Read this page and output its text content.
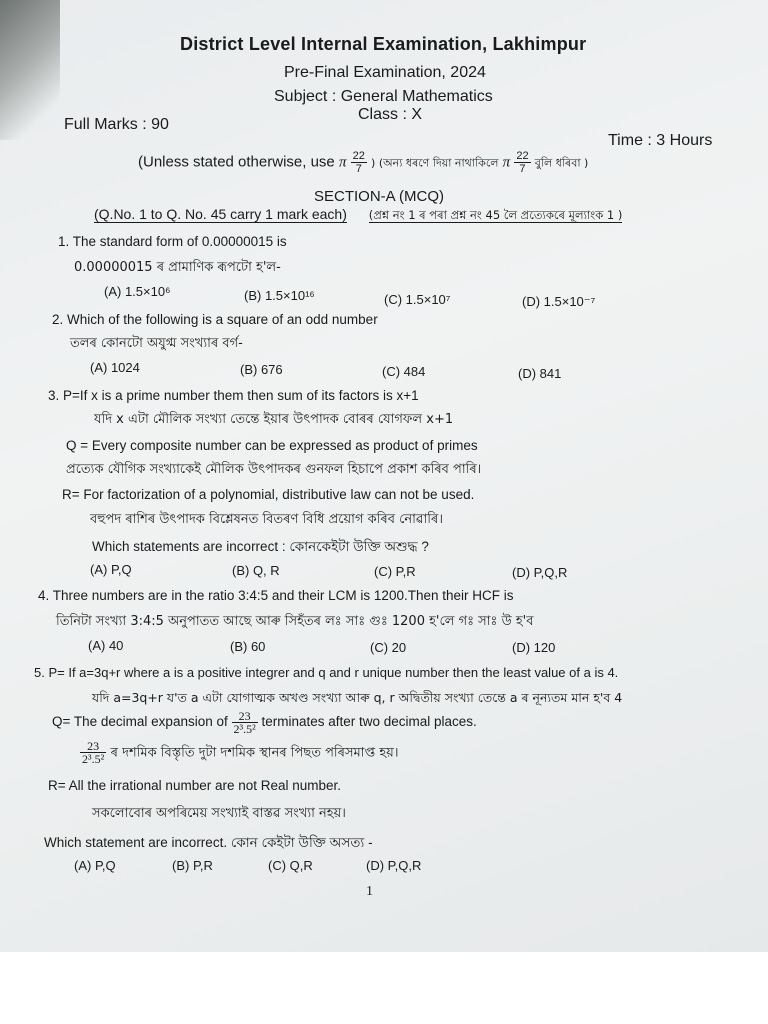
District Level Internal Examination, Lakhimpur
Pre-Final Examination, 2024
Subject : General Mathematics
Class : X
Full Marks : 90
Time : 3 Hours
(Unless stated otherwise, use π $\frac{22}{7}$ ) (অন্য ধৰণে দিয়া নাথাকিলে π $\frac{22}{7}$ বুলি ধৰিবা )
SECTION-A (MCQ)
(Q.No. 1 to Q. No. 45 carry 1 mark each) (প্ৰশ্ন নং 1 ৰ পৰা প্ৰশ্ন নং 45 লৈ প্ৰত্যেকৰে মূল্যাংক 1 )
1. The standard form of 0.00000015 is
0.00000015 ৰ প্ৰামাণিক ৰূপটো হ'ল-
(A) 1.5×10⁶	(B) 1.5×10¹⁶	(C) 1.5×10⁷	(D) 1.5×10⁻⁷
2. Which of the following is a square of an odd number
তলৰ কোনটো অযুগ্ম সংখ্যাৰ বৰ্গ-
(A) 1024	(B) 676	(C) 484	(D) 841
3. P=If x is a prime number them then sum of its factors is x+1
যদি x এটা মৌলিক সংখ্যা তেন্তে ইয়াৰ উৎপাদক বোৰৰ যোগফল x+1
Q = Every composite number can be expressed as product of primes
প্ৰত্যেক যৌগিক সংখ্যাকেই মৌলিক উৎপাদকৰ গুনফল হিচাপে প্ৰকাশ কৰিব পাৰি।
R= For factorization of a polynomial, distributive law can not be used.
বহুপদ ৰাশিৰ উৎপাদক বিশ্লেষনত বিতৰণ বিধি প্ৰয়োগ কৰিব নোৱাৰি।
Which statements are incorrect : কোনকেইটা উক্তি অশুদ্ধ ?
(A) P,Q	(B) Q, R	(C) P,R	(D) P,Q,R
4. Three numbers are in the ratio 3:4:5 and their LCM is 1200.Then their HCF is
তিনিটা সংখ্যা 3:4:5 অনুপাতত আছে আৰু সিহঁতৰ লঃ সাঃ গুঃ 1200 হ'লে গঃ সাঃ উ হ'ব
(A) 40	(B) 60	(C) 20	(D) 120
5. P= If a=3q+r where a is a positive integrer and q and r unique number then the least value of a is 4.
যদি a=3q+r য'ত a এটা যোগাত্মক অখণ্ড সংখ্যা আৰু q, r অদ্বিতীয় সংখ্যা তেন্তে a ৰ নূন্যতম মান হ'ব 4
Q= The decimal expansion of $\frac{23}{\text{2³.5²}}$ terminates after two decimal places.
$\frac{23}{\text{2³.5²}}$ ৰ দশমিক বিস্তৃতি দুটা দশমিক স্থানৰ পিছত পৰিসমাপ্ত হয়।
R= All the irrational number are not Real number.
সকলোবোৰ অপৰিমেয় সংখ্যাই বাস্তৱ সংখ্যা নহয়।
Which statement are incorrect. কোন কেইটা উক্তি অসত্য -
(A) P,Q	(B) P,R	(C) Q,R	(D) P,Q,R
1
